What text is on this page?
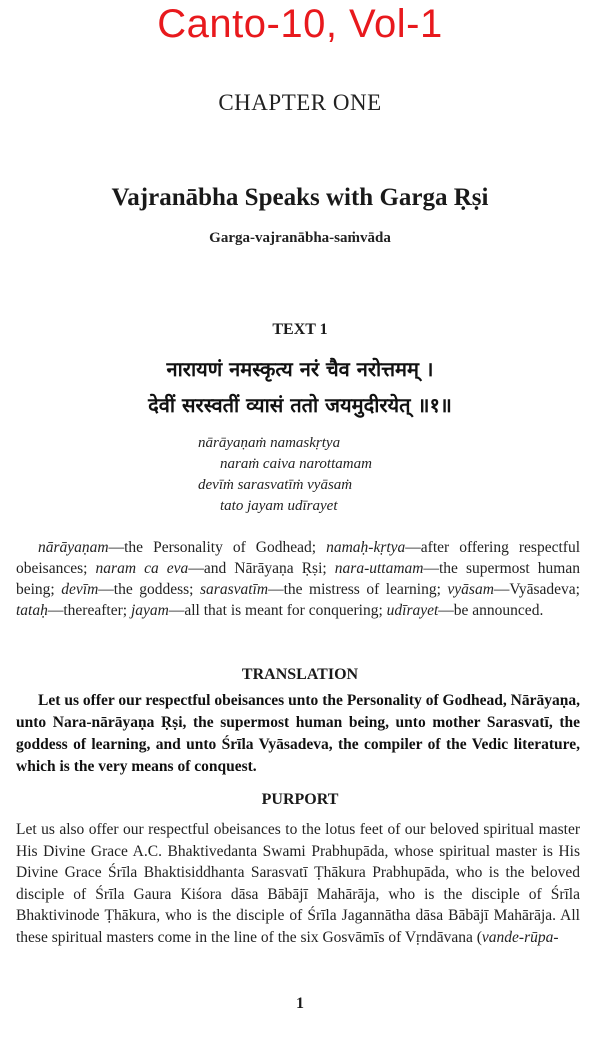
Canto-10, Vol-1
CHAPTER ONE
Vajranābha Speaks with Garga Ṛṣi
Garga-vajranābha-saṁvāda
TEXT 1
नारायणं नमस्कृत्य नरं चैव नरोत्तमम् ।
देवीं सरस्वतीं व्यासं ततो जयमुदीरयेत् ॥१॥
nārāyaṇaṁ namaskṛtya
naraṁ caiva narottamam
devīṁ sarasvatīṁ vyāsaṁ
tato jayam udīrayet
nārāyaṇam—the Personality of Godhead; namaḥ-kṛtya—after offering respectful obeisances; naram ca eva—and Nārāyaṇa Ṛṣi; nara-uttamam—the supermost human being; devīm—the goddess; sarasvatīm—the mistress of learning; vyāsam—Vyāsadeva; tataḥ—thereafter; jayam—all that is meant for conquering; udīrayet—be announced.
TRANSLATION
Let us offer our respectful obeisances unto the Personality of Godhead, Nārāyaṇa, unto Nara-nārāyaṇa Ṛṣi, the supermost human being, unto mother Sarasvatī, the goddess of learning, and unto Śrīla Vyāsadeva, the compiler of the Vedic literature, which is the very means of conquest.
PURPORT
Let us also offer our respectful obeisances to the lotus feet of our beloved spiritual master His Divine Grace A.C. Bhaktivedanta Swami Prabhupāda, whose spiritual master is His Divine Grace Śrīla Bhaktisiddhanta Sarasvatī Ṭhākura Prabhupāda, who is the beloved disciple of Śrīla Gaura Kiśora dāsa Bābājī Mahārāja, who is the disciple of Śrīla Bhaktivinode Ṭhākura, who is the disciple of Śrīla Jagannātha dāsa Bābājī Mahārāja. All these spiritual masters come in the line of the six Gosvāmīs of Vṛndāvana (vande-rūpa-
1
